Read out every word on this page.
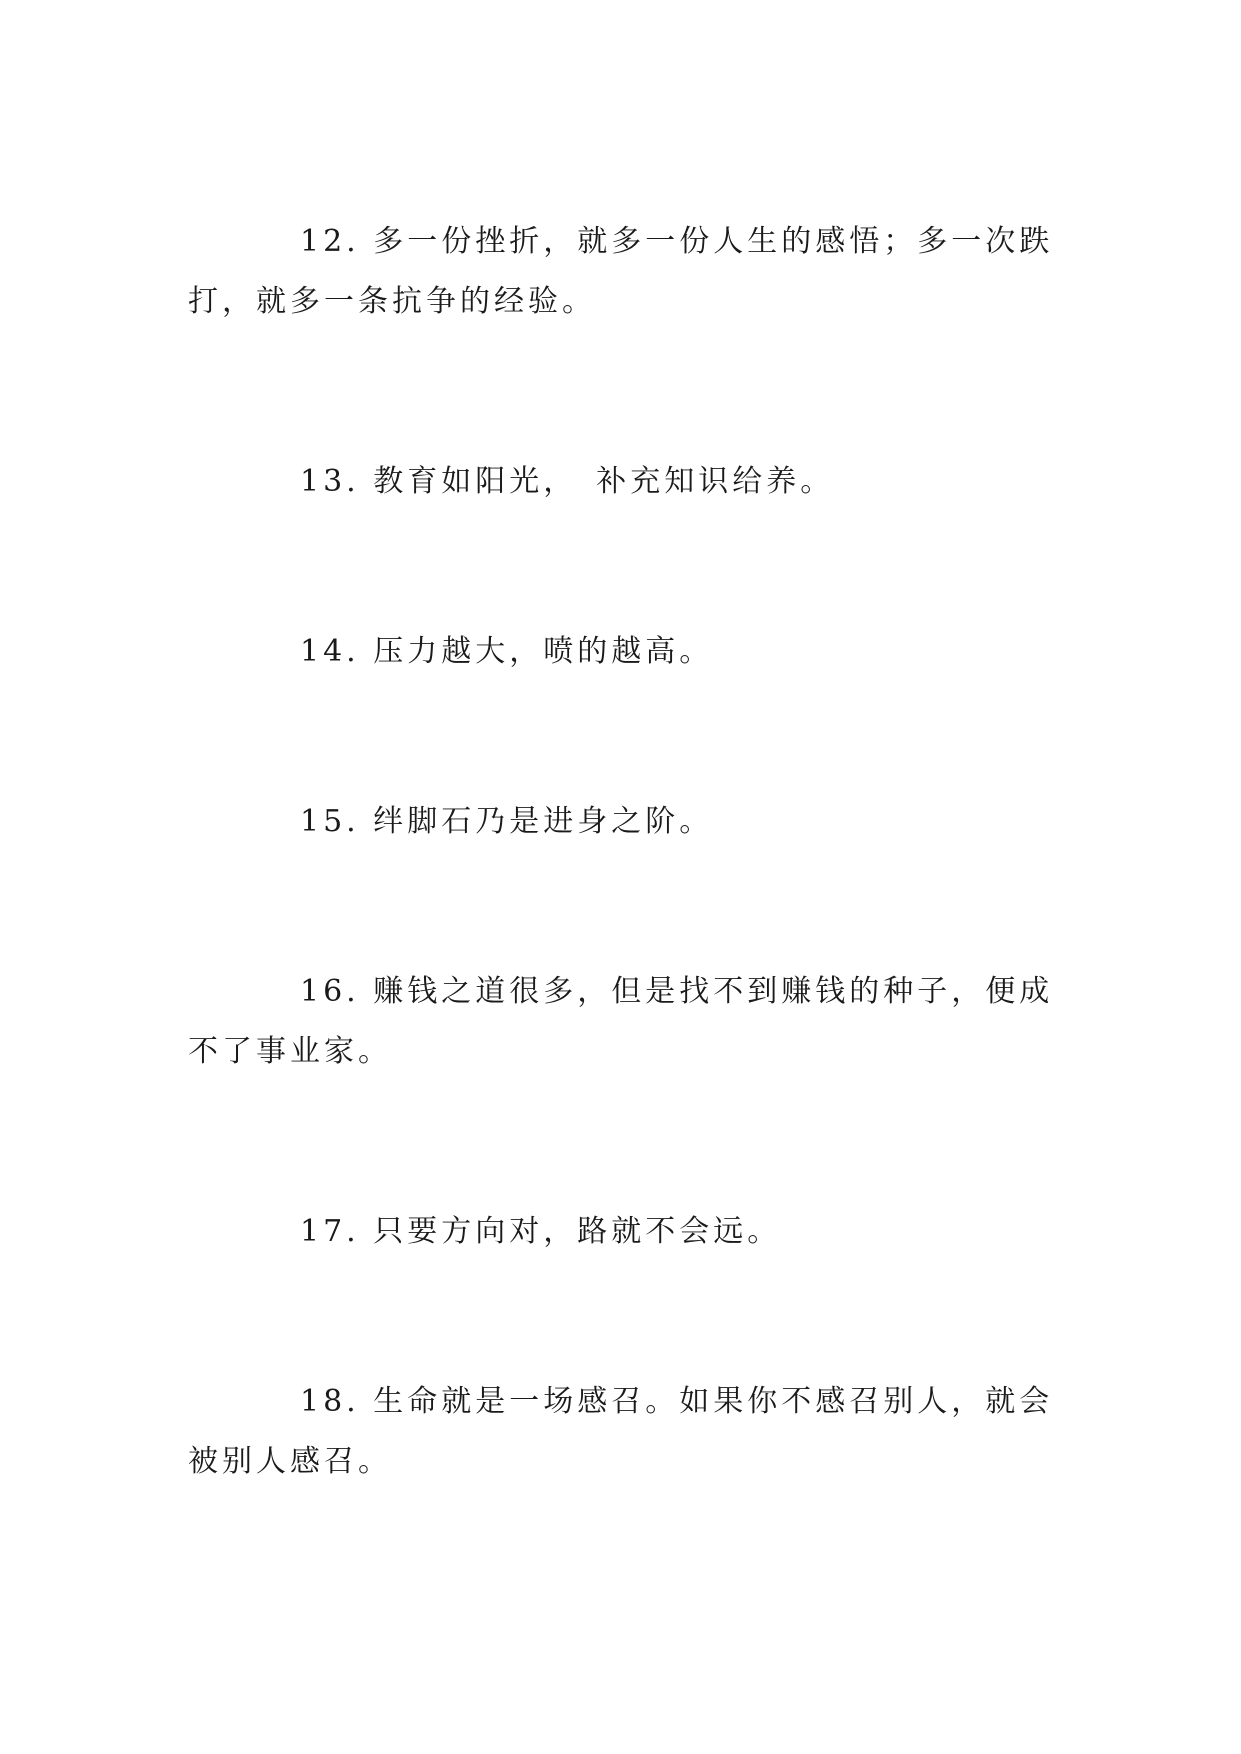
12. 多一份挫折，就多一份人生的感悟；多一次跌打，就多一条抗争的经验。

13. 教育如阳光，　补充知识给养。

14. 压力越大，喷的越高。

15. 绊脚石乃是进身之阶。

16. 赚钱之道很多，但是找不到赚钱的种子，便成不了事业家。

17. 只要方向对，路就不会远。

18. 生命就是一场感召。如果你不感召别人，就会被别人感召。
